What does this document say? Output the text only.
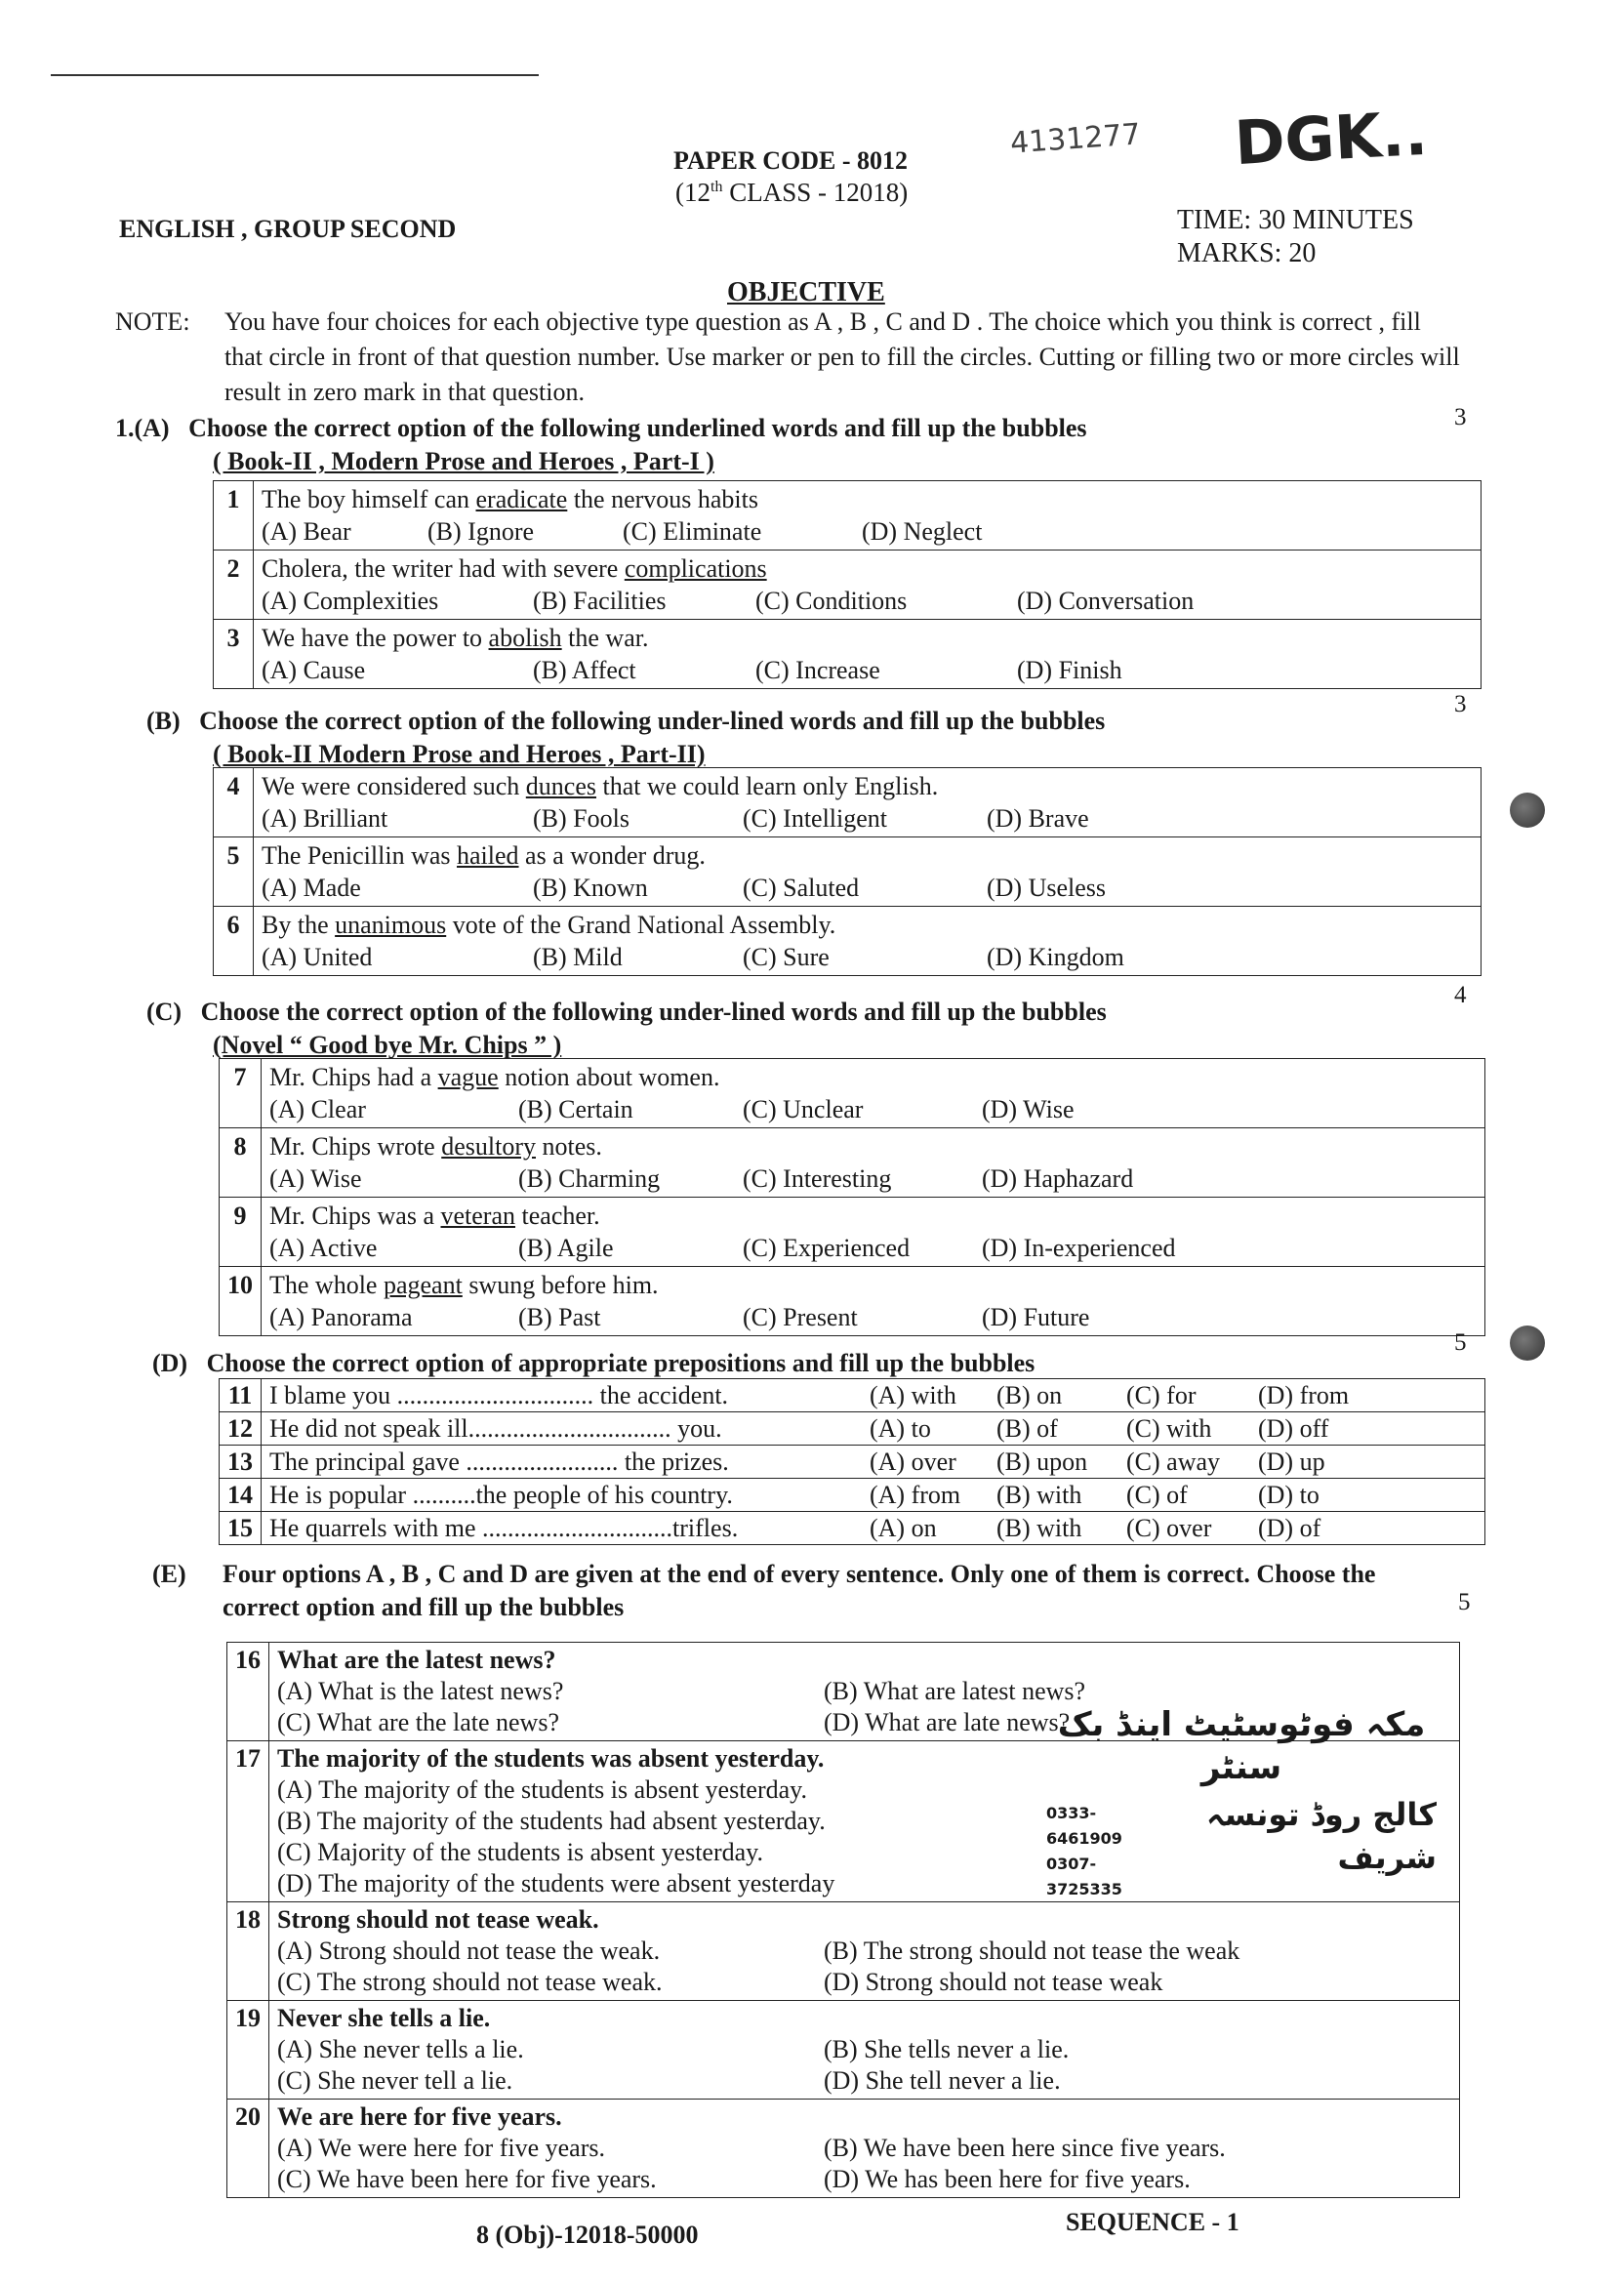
PAPER CODE - 8012	4131277 DGK..
(12th CLASS - 12018)
ENGLISH , GROUP SECOND	TIME: 30 MINUTES
MARKS: 20
OBJECTIVE
NOTE: You have four choices for each objective type question as A , B , C and D . The choice which you think is correct , fill that circle in front of that question number. Use marker or pen to fill the circles. Cutting or filling two or more circles will result in zero mark in that question.
1.(A) Choose the correct option of the following underlined words and fill up the bubbles
( Book-II , Modern Prose and Heroes , Part-I )
3
1	The boy himself can eradicate the nervous habits
(A) Bear (B) Ignore (C) Eliminate (D) Neglect

2	Cholera, the writer had with severe complications
(A) Complexities (B) Facilities (C) Conditions (D) Conversation

3	We have the power to abolish the war.
(A) Cause (B) Affect (C) Increase (D) Finish
(B) Choose the correct option of the following under-lined words and fill up the bubbles
( Book-II Modern Prose and Heroes , Part-II)
3
4	We were considered such dunces that we could learn only English.
(A) Brilliant (B) Fools (C) Intelligent (D) Brave

5	The Penicillin was hailed as a wonder drug.
(A) Made (B) Known (C) Saluted (D) Useless

6	By the unanimous vote of the Grand National Assembly.
(A) United (B) Mild (C) Sure (D) Kingdom
(C) Choose the correct option of the following under-lined words and fill up the bubbles
(Novel “ Good bye Mr. Chips ” )
4
7	Mr. Chips had a vague notion about women.
(A) Clear (B) Certain (C) Unclear (D) Wise

8	Mr. Chips wrote desultory notes.
(A) Wise (B) Charming (C) Interesting (D) Haphazard

9	Mr. Chips was a veteran teacher.
(A) Active (B) Agile (C) Experienced (D) In-experienced

10	The whole pageant swung before him.
(A) Panorama (B) Past (C) Present (D) Future
(D) Choose the correct option of appropriate prepositions and fill up the bubbles
5
11	I blame you ............................... the accident. (A) with (B) on (C) for (D) from

12	He did not speak ill................................ you. (A) to (B) of (C) with (D) off

13	The principal gave ........................ the prizes. (A) over (B) upon (C) away (D) up

14	He is popular ..........the people of his country. (A) from (B) with (C) of (D) to

15	He quarrels with me ..............................trifles. (A) on (B) with (C) over (D) of
(E) Four options A , B , C and D are given at the end of every sentence. Only one of them is correct. Choose the correct option and fill up the bubbles	5
16	What are the latest news?
(A) What is the latest news? (B) What are latest news?
(C) What are the late news? (D) What are late news?

17	The majority of the students was absent yesterday.
(A) The majority of the students is absent yesterday.
(B) The majority of the students had absent yesterday.
(C) Majority of the students is absent yesterday.
(D) The majority of the students were absent yesterday

18	Strong should not tease weak.
(A) Strong should not tease the weak. (B) The strong should not tease the weak
(C) The strong should not tease weak. (D) Strong should not tease weak

19	Never she tells a lie.
(A) She never tells a lie. (B) She tells never a lie.
(C) She never tell a lie. (D) She tell never a lie.

20	We are here for five years.
(A) We were here for five years. (B) We have been here since five years.
(C) We have been here for five years. (D) We has been here for five years.
مکہ فوٹوسٹیٹ اینڈ بک سنٹر
0333-6461909
0307-3725335
کالج روڈ تونسہ شریف
8 (Obj)-12018-50000	SEQUENCE - 1
